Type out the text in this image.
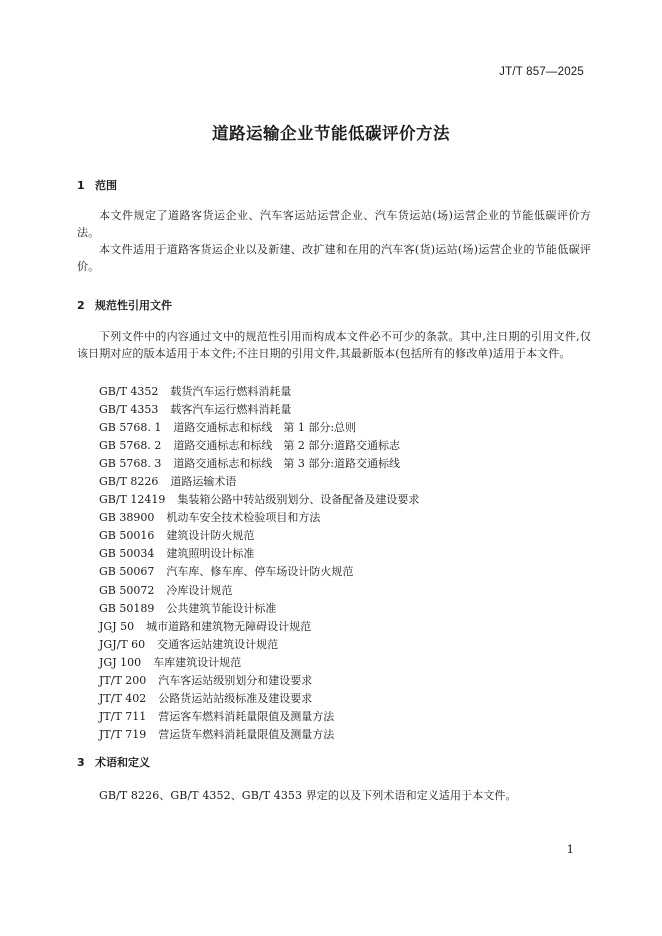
JT/T 857—2025
道路运输企业节能低碳评价方法
1 范围
本文件规定了道路客货运企业、汽车客运站运营企业、汽车货运站(场)运营企业的节能低碳评价方法。
本文件适用于道路客货运企业以及新建、改扩建和在用的汽车客(货)运站(场)运营企业的节能低碳评价。
2 规范性引用文件
下列文件中的内容通过文中的规范性引用而构成本文件必不可少的条款。其中,注日期的引用文件,仅该日期对应的版本适用于本文件;不注日期的引用文件,其最新版本(包括所有的修改单)适用于本文件。
GB/T 4352 载货汽车运行燃料消耗量
GB/T 4353 载客汽车运行燃料消耗量
GB 5768. 1 道路交通标志和标线　第 1 部分:总则
GB 5768. 2 道路交通标志和标线　第 2 部分:道路交通标志
GB 5768. 3 道路交通标志和标线　第 3 部分:道路交通标线
GB/T 8226 道路运输术语
GB/T 12419 集装箱公路中转站级别划分、设备配备及建设要求
GB 38900 机动车安全技术检验项目和方法
GB 50016 建筑设计防火规范
GB 50034 建筑照明设计标准
GB 50067 汽车库、修车库、停车场设计防火规范
GB 50072 冷库设计规范
GB 50189 公共建筑节能设计标准
JGJ 50 城市道路和建筑物无障碍设计规范
JGJ/T 60 交通客运站建筑设计规范
JGJ 100 车库建筑设计规范
JT/T 200 汽车客运站级别划分和建设要求
JT/T 402 公路货运站站级标准及建设要求
JT/T 711 营运客车燃料消耗量限值及测量方法
JT/T 719 营运货车燃料消耗量限值及测量方法
3 术语和定义
GB/T 8226、GB/T 4352、GB/T 4353 界定的以及下列术语和定义适用于本文件。
1
